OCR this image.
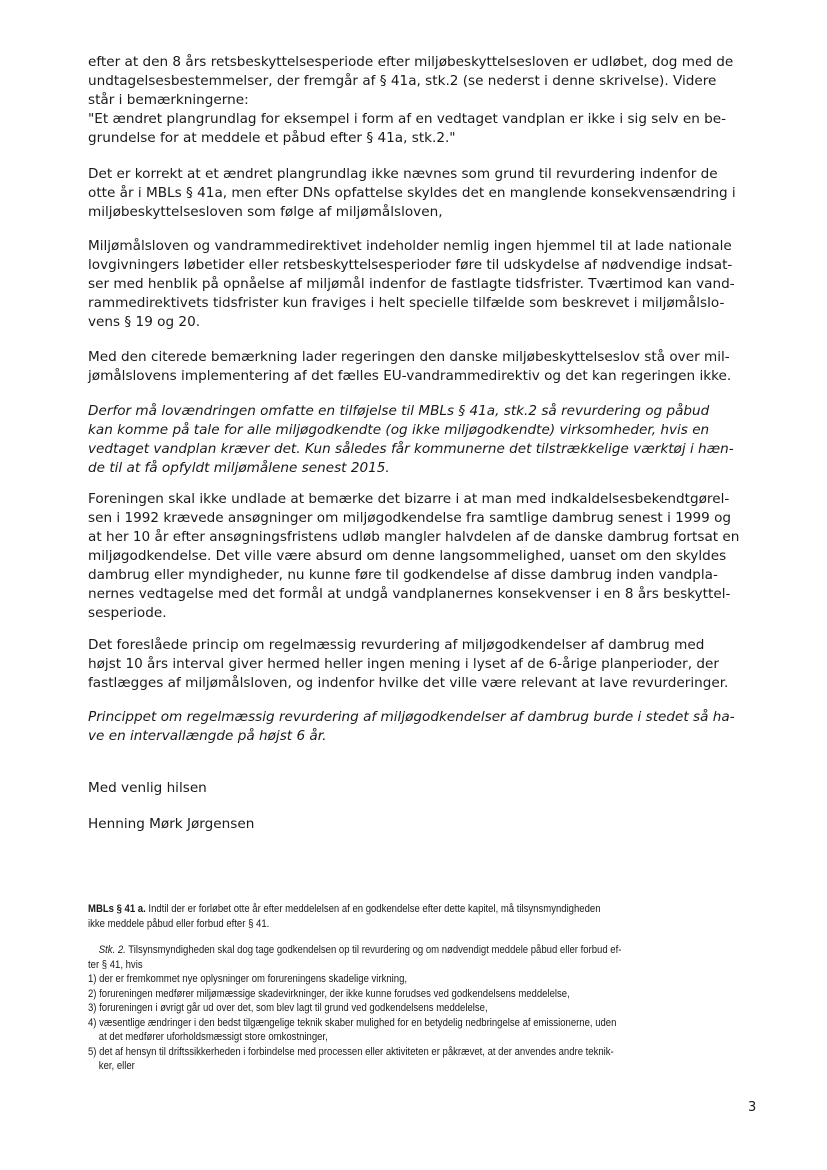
efter at den 8 års retsbeskyttelsesperiode efter miljøbeskyttelsesloven er udløbet, dog med de
undtagelsesbestemmelser, der fremgår af § 41a, stk.2 (se nederst i denne skrivelse). Videre
står i bemærkningerne:
"Et ændret plangrundlag for eksempel i form af en vedtaget vandplan er ikke i sig selv en be-
grundelse for at meddele et påbud efter § 41a, stk.2."

Det er korrekt at et ændret plangrundlag ikke nævnes som grund til revurdering indenfor de
otte år i MBLs § 41a, men efter DNs opfattelse skyldes det en manglende konsekvensændring i
miljøbeskyttelsesloven som følge af miljømålsloven,

Miljømålsloven og vandrammedirektivet indeholder nemlig ingen hjemmel til at lade nationale
lovgivningers løbetider eller retsbeskyttelsesperioder føre til udskydelse af nødvendige indsat-
ser med henblik på opnåelse af miljømål indenfor de fastlagte tidsfrister. Tværtimod kan vand-
rammedirektivets tidsfrister kun fraviges i helt specielle tilfælde som beskrevet i miljømålslo-
vens § 19 og 20.

Med den citerede bemærkning lader regeringen den danske miljøbeskyttelseslov stå over mil-
jømålslovens implementering af det fælles EU-vandrammedirektiv og det kan regeringen ikke.

Derfor må lovændringen omfatte en tilføjelse til MBLs § 41a, stk.2 så revurdering og påbud
kan komme på tale for alle miljøgodkendte (og ikke miljøgodkendte) virksomheder, hvis en
vedtaget vandplan kræver det. Kun således får kommunerne det tilstrækkelige værktøj i hæn-
de til at få opfyldt miljømålene senest 2015.

Foreningen skal ikke undlade at bemærke det bizarre i at man med indkaldelsesbekendtgørel-
sen i 1992 krævede ansøgninger om miljøgodkendelse fra samtlige dambrug senest i 1999 og
at her 10 år efter ansøgningsfristens udløb mangler halvdelen af de danske dambrug fortsat en
miljøgodkendelse. Det ville være absurd om denne langsommelighed, uanset om den skyldes
dambrug eller myndigheder, nu kunne føre til godkendelse af disse dambrug inden vandpla-
nernes vedtagelse med det formål at undgå vandplanernes konsekvenser i en 8 års beskyttel-
sesperiode.

Det foreslåede princip om regelmæssig revurdering af miljøgodkendelser af dambrug med
højst 10 års interval giver hermed heller ingen mening i lyset af de 6-årige planperioder, der
fastlægges af miljømålsloven, og indenfor hvilke det ville være relevant at lave revurderinger.

Princippet om regelmæssig revurdering af miljøgodkendelser af dambrug burde i stedet så ha-
ve en intervallængde på højst 6 år.

Med venlig hilsen

Henning Mørk Jørgensen

MBLs § 41 a. Indtil der er forløbet otte år efter meddelelsen af en godkendelse efter dette kapitel, må tilsynsmyndigheden
ikke meddele påbud eller forbud efter § 41.
Stk. 2. Tilsynsmyndigheden skal dog tage godkendelsen op til revurdering og om nødvendigt meddele påbud eller forbud ef-
ter § 41, hvis
1) der er fremkommet nye oplysninger om forureningens skadelige virkning,
2) forureningen medfører miljømæssige skadevirkninger, der ikke kunne forudses ved godkendelsens meddelelse,
3) forureningen i øvrigt går ud over det, som blev lagt til grund ved godkendelsens meddelelse,
4) væsentlige ændringer i den bedst tilgængelige teknik skaber mulighed for en betydelig nedbringelse af emissionerne, uden
at det medfører uforholdsmæssigt store omkostninger,
5) det af hensyn til driftssikkerheden i forbindelse med processen eller aktiviteten er påkrævet, at der anvendes andre teknik-
ker, eller
3
